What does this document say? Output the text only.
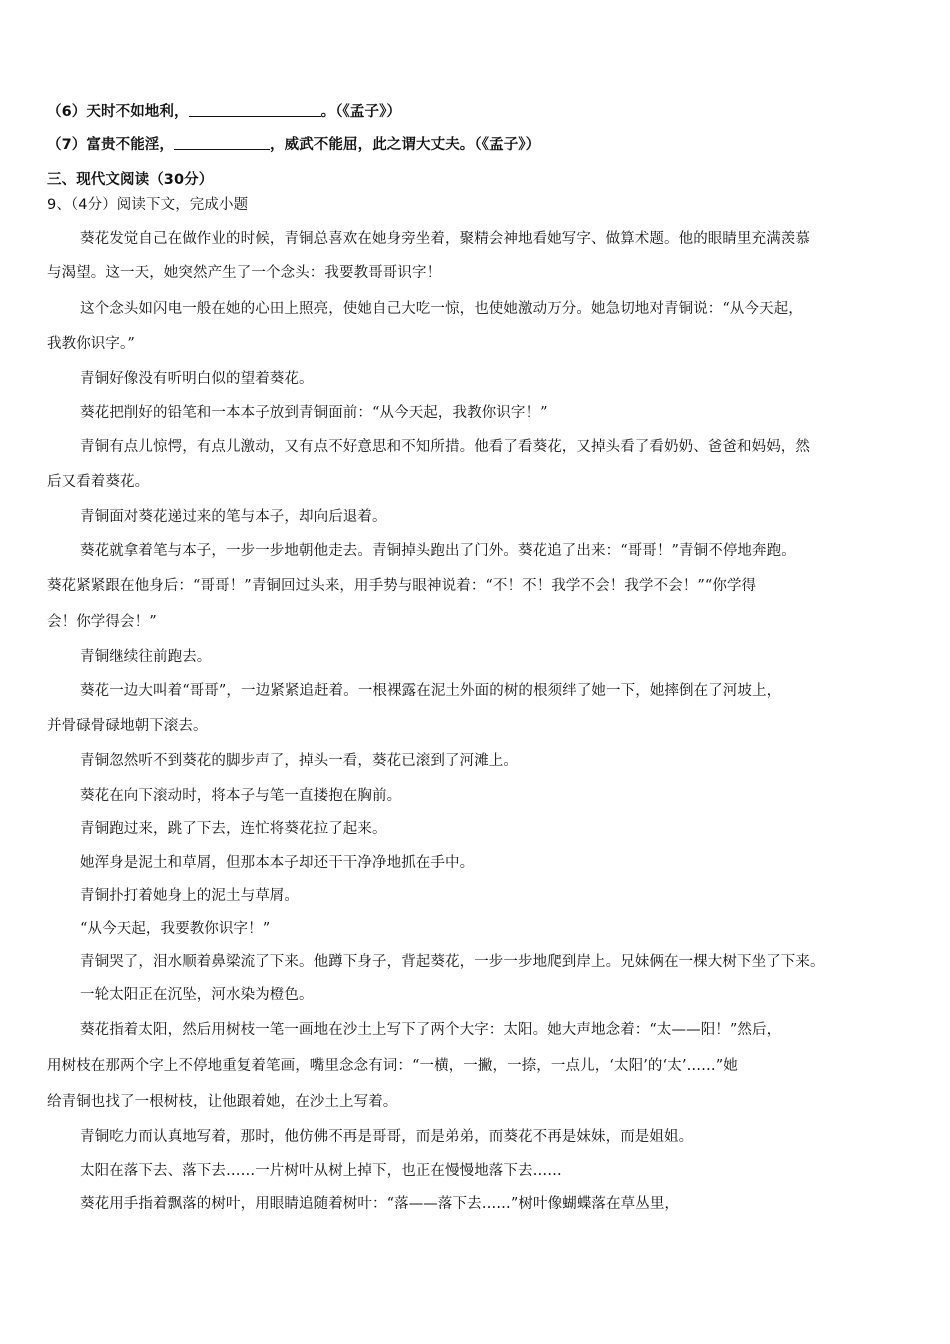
（6）天时不如地利，	。（《孟子》）
（7）富贵不能淫，	，威武不能屈，此之谓大丈夫。（《孟子》）
三、现代文阅读（30分）
9、（4分）阅读下文，完成小题
葵花发觉自己在做作业的时候，青铜总喜欢在她身旁坐着，聚精会神地看她写字、做算术题。他的眼睛里充满羡慕
与渴望。这一天，她突然产生了一个念头：我要教哥哥识字！
这个念头如闪电一般在她的心田上照亮，使她自己大吃一惊，也使她激动万分。她急切地对青铜说：“从今天起，
我教你识字。”
青铜好像没有听明白似的望着葵花。
葵花把削好的铅笔和一本本子放到青铜面前：“从今天起，我教你识字！”
青铜有点儿惊愕，有点儿激动，又有点不好意思和不知所措。他看了看葵花，又掉头看了看奶奶、爸爸和妈妈，然
后又看着葵花。
青铜面对葵花递过来的笔与本子，却向后退着。
葵花就拿着笔与本子，一步一步地朝他走去。青铜掉头跑出了门外。葵花追了出来：“哥哥！”青铜不停地奔跑。
葵花紧紧跟在他身后：“哥哥！”青铜回过头来，用手势与眼神说着：“不！不！我学不会！我学不会！”“你学得
会！你学得会！”
青铜继续往前跑去。
葵花一边大叫着“哥哥”，一边紧紧追赶着。一根裸露在泥土外面的树的根须绊了她一下，她摔倒在了河坡上，
并骨碌骨碌地朝下滚去。
青铜忽然听不到葵花的脚步声了，掉头一看，葵花已滚到了河滩上。
葵花在向下滚动时，将本子与笔一直搂抱在胸前。
青铜跑过来，跳了下去，连忙将葵花拉了起来。
她浑身是泥土和草屑，但那本本子却还干干净净地抓在手中。
青铜扑打着她身上的泥土与草屑。
“从今天起，我要教你识字！”
青铜哭了，泪水顺着鼻梁流了下来。他蹲下身子，背起葵花，一步一步地爬到岸上。兄妹俩在一棵大树下坐了下来。
一轮太阳正在沉坠，河水染为橙色。
葵花指着太阳，然后用树枝一笔一画地在沙土上写下了两个大字：太阳。她大声地念着：“太——阳！”然后，
用树枝在那两个字上不停地重复着笔画，嘴里念念有词：“一横，一撇，一捺，一点儿，‘太阳’的‘太’……”她
给青铜也找了一根树枝，让他跟着她，在沙土上写着。
青铜吃力而认真地写着，那时，他仿佛不再是哥哥，而是弟弟，而葵花不再是妹妹，而是姐姐。
太阳在落下去、落下去……一片树叶从树上掉下，也正在慢慢地落下去……
葵花用手指着飘落的树叶，用眼睛追随着树叶：“落——落下去……”树叶像蝴蝶落在草丛里，
